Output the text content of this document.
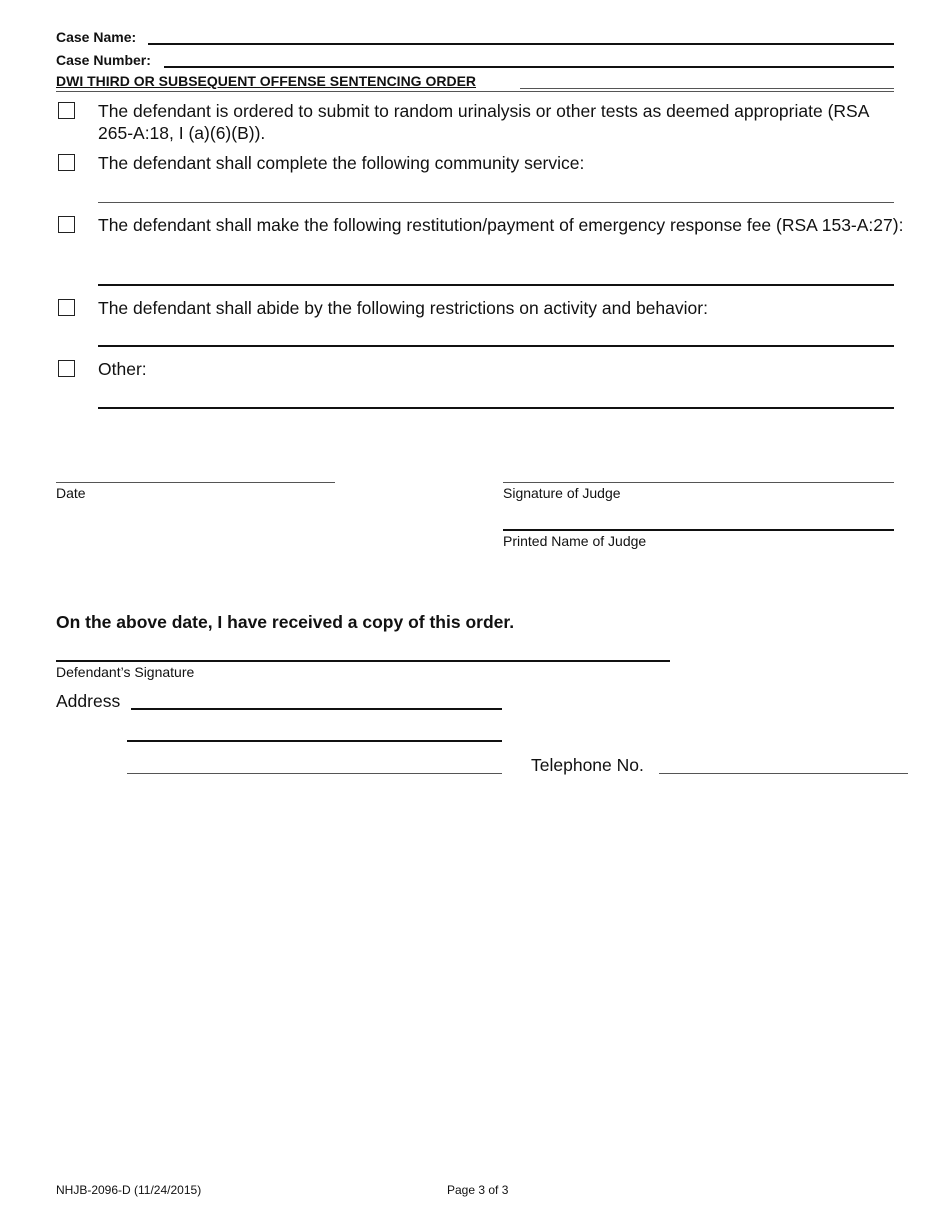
Case Name:
Case Number:
DWI THIRD OR SUBSEQUENT OFFENSE SENTENCING ORDER
The defendant is ordered to submit to random urinalysis or other tests as deemed appropriate (RSA 265-A:18, I (a)(6)(B)).
The defendant shall complete the following community service:
The defendant shall make the following restitution/payment of emergency response fee (RSA 153-A:27):
The defendant shall abide by the following restrictions on activity and behavior:
Other:
Date	Signature of Judge
Printed Name of Judge
On the above date, I have received a copy of this order.
Defendant’s Signature
Address
Telephone No.
NHJB-2096-D (11/24/2015)	Page 3 of 3
